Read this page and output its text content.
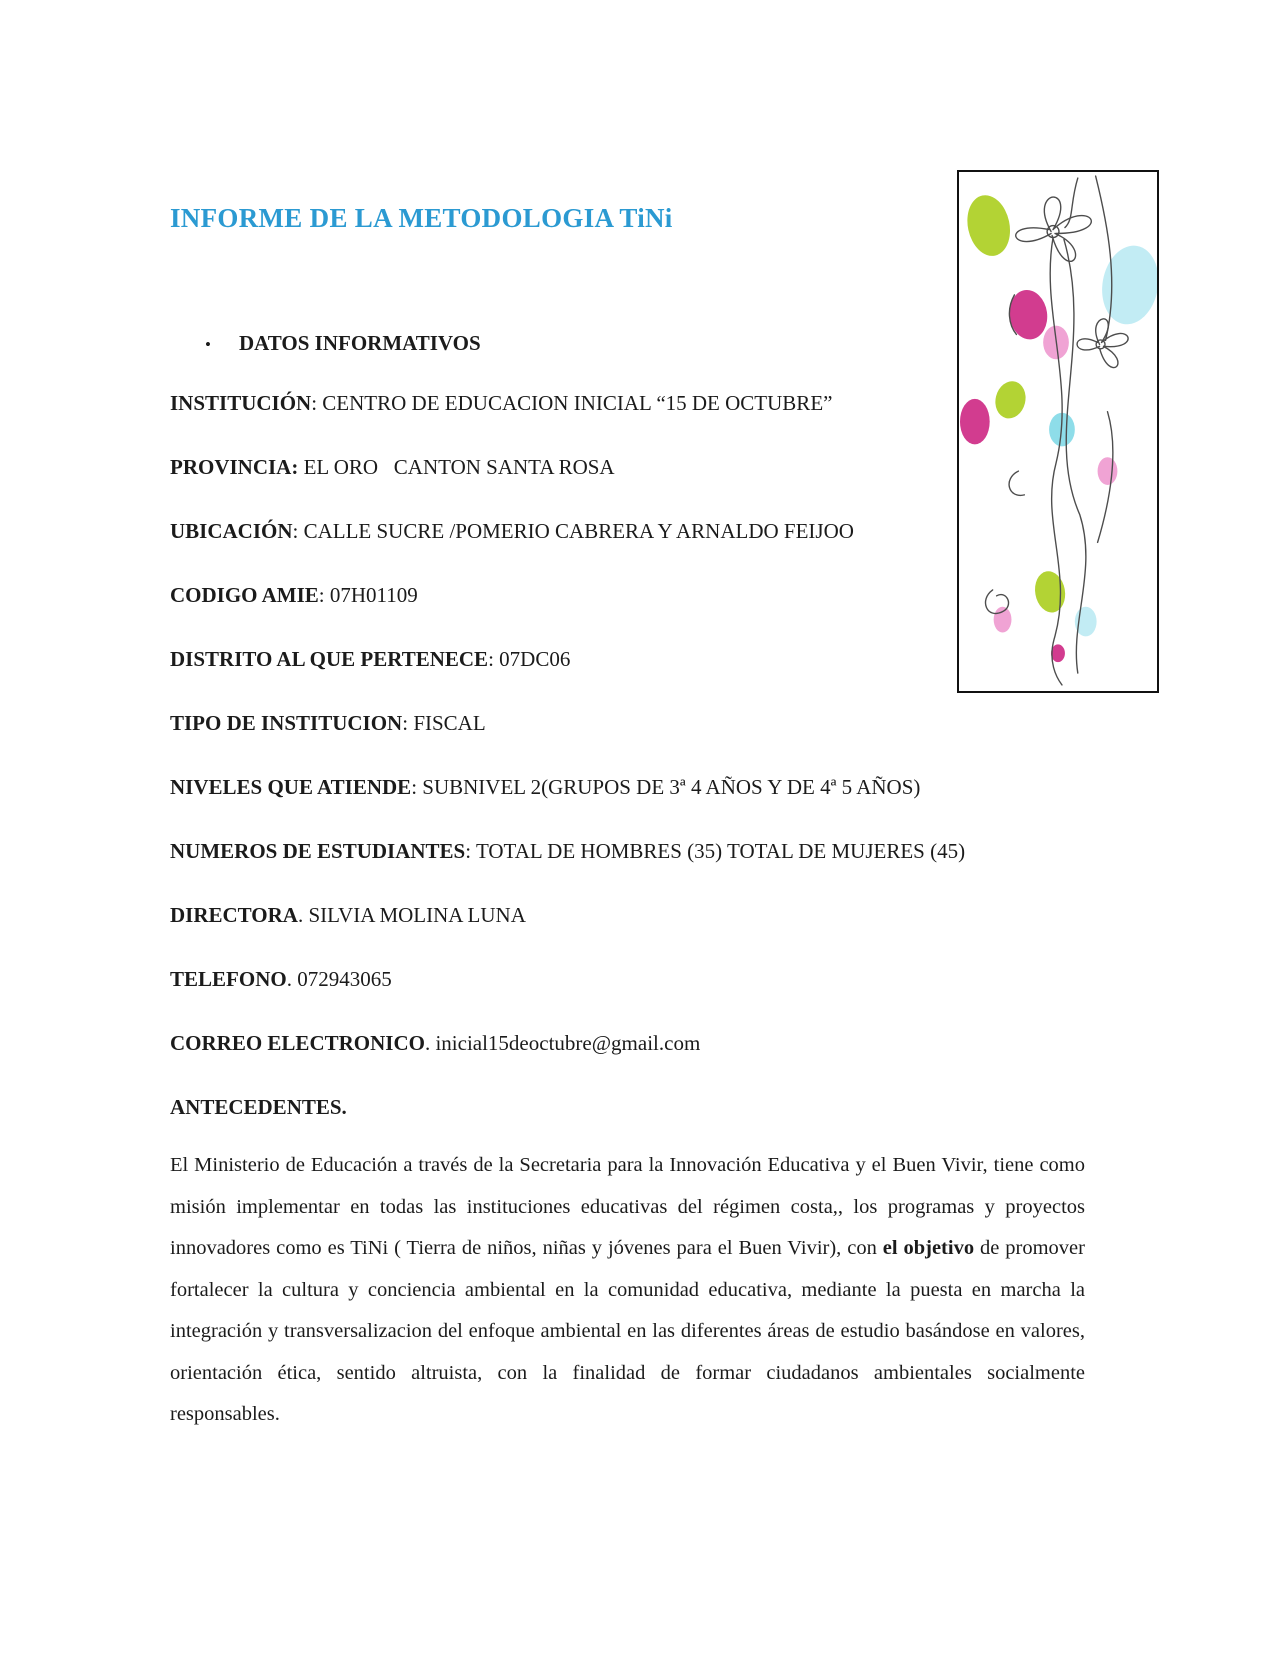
INFORME DE LA METODOLOGIA TiNi
•	DATOS INFORMATIVOS

INSTITUCIÓN: CENTRO DE EDUCACION INICIAL “15 DE OCTUBRE”

PROVINCIA: EL ORO   CANTON SANTA ROSA

UBICACIÓN: CALLE SUCRE /POMERIO CABRERA Y ARNALDO FEIJOO

CODIGO AMIE: 07H01109

DISTRITO AL QUE PERTENECE: 07DC06

TIPO DE INSTITUCION: FISCAL

NIVELES QUE ATIENDE: SUBNIVEL 2(GRUPOS DE 3ª 4 AÑOS Y DE 4ª 5 AÑOS)

NUMEROS DE ESTUDIANTES: TOTAL DE HOMBRES (35) TOTAL DE MUJERES (45)

DIRECTORA. SILVIA MOLINA LUNA

TELEFONO. 072943065

CORREO ELECTRONICO. inicial15deoctubre@gmail.com

ANTECEDENTES.

El Ministerio de Educación a través de la Secretaria para la Innovación Educativa y el Buen Vivir, tiene como misión implementar en todas las instituciones educativas del régimen costa,, los programas y proyectos innovadores como es TiNi ( Tierra de niños, niñas y jóvenes para el Buen Vivir), con el objetivo de promover fortalecer la cultura y conciencia ambiental en la comunidad educativa, mediante la puesta en marcha la integración y transversalizacion del enfoque ambiental en las diferentes áreas de estudio basándose en valores, orientación ética, sentido altruista, con la finalidad de formar ciudadanos ambientales socialmente responsables.
